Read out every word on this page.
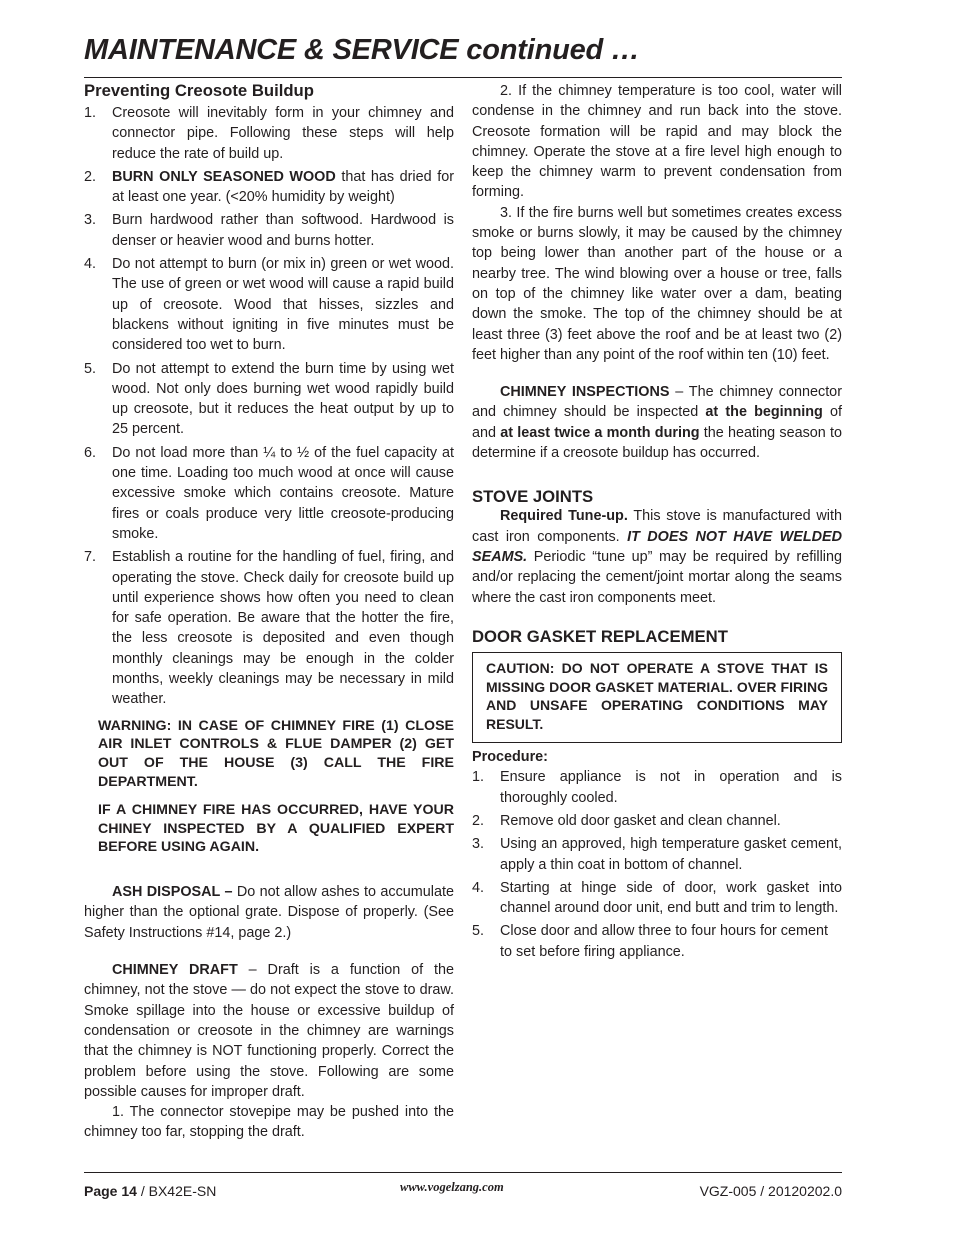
MAINTENANCE & SERVICE continued …
Preventing Creosote Buildup
1. Creosote will inevitably form in your chimney and connector pipe. Following these steps will help reduce the rate of build up.

2. BURN ONLY SEASONED WOOD that has dried for at least one year. (<20% humidity by weight)

3. Burn hardwood rather than softwood. Hardwood is denser or heavier wood and burns hotter.

4. Do not attempt to burn (or mix in) green or wet wood. The use of green or wet wood will cause a rapid build up of creosote. Wood that hisses, sizzles and blackens without igniting in five minutes must be considered too wet to burn.

5. Do not attempt to extend the burn time by using wet wood. Not only does burning wet wood rapidly build up creosote, but it reduces the heat output by up to 25 percent.

6. Do not load more than ¼ to ½ of the fuel capacity at one time. Loading too much wood at once will cause excessive smoke which contains creosote. Mature fires or coals produce very little creosote-producing smoke.

7. Establish a routine for the handling of fuel, firing, and operating the stove. Check daily for creosote build up until experience shows how often you need to clean for safe operation. Be aware that the hotter the fire, the less creosote is deposited and even though monthly cleanings may be enough in the colder months, weekly cleanings may be necessary in mild weather.

WARNING: IN CASE OF CHIMNEY FIRE (1) CLOSE AIR INLET CONTROLS & FLUE DAMPER (2) GET OUT OF THE HOUSE (3) CALL THE FIRE DEPARTMENT.

IF A CHIMNEY FIRE HAS OCCURRED, HAVE YOUR CHINEY INSPECTED BY A QUALIFIED EXPERT BEFORE USING AGAIN.

ASH DISPOSAL – Do not allow ashes to accumulate higher than the optional grate. Dispose of properly. (See Safety Instructions #14, page 2.)

CHIMNEY DRAFT – Draft is a function of the chimney, not the stove — do not expect the stove to draw. Smoke spillage into the house or excessive buildup of condensation or creosote in the chimney are warnings that the chimney is NOT functioning properly. Correct the problem before using the stove. Following are some possible causes for improper draft.

1. The connector stovepipe may be pushed into the chimney too far, stopping the draft.

2. If the chimney temperature is too cool, water will condense in the chimney and run back into the stove. Creosote formation will be rapid and may block the chimney. Operate the stove at a fire level high enough to keep the chimney warm to prevent condensation from forming.

3. If the fire burns well but sometimes creates excess smoke or burns slowly, it may be caused by the chimney top being lower than another part of the house or a nearby tree. The wind blowing over a house or tree, falls on top of the chimney like water over a dam, beating down the smoke. The top of the chimney should be at least three (3) feet above the roof and be at least two (2) feet higher than any point of the roof within ten (10) feet.

CHIMNEY INSPECTIONS – The chimney connector and chimney should be inspected at the beginning of and at least twice a month during the heating season to determine if a creosote buildup has occurred.

STOVE JOINTS

Required Tune-up. This stove is manufactured with cast iron components. IT DOES NOT HAVE WELDED SEAMS. Periodic “tune up” may be required by refilling and/or replacing the cement/joint mortar along the seams where the cast iron components meet.

DOOR GASKET REPLACEMENT
CAUTION: DO NOT OPERATE A STOVE THAT IS MISSING DOOR GASKET MATERIAL. OVER FIRING AND UNSAFE OPERATING CONDITIONS MAY RESULT.
Procedure:
1. Ensure appliance is not in operation and is thoroughly cooled.

2. Remove old door gasket and clean channel.

3. Using an approved, high temperature gasket cement, apply a thin coat in bottom of channel.

4. Starting at hinge side of door, work gasket into channel around door unit, end butt and trim to length.

5. Close door and allow three to four hours for cement to set before firing appliance.

Page 14 / BX42E-SN	www.vogelzang.com	VGZ-005 / 20120202.0
